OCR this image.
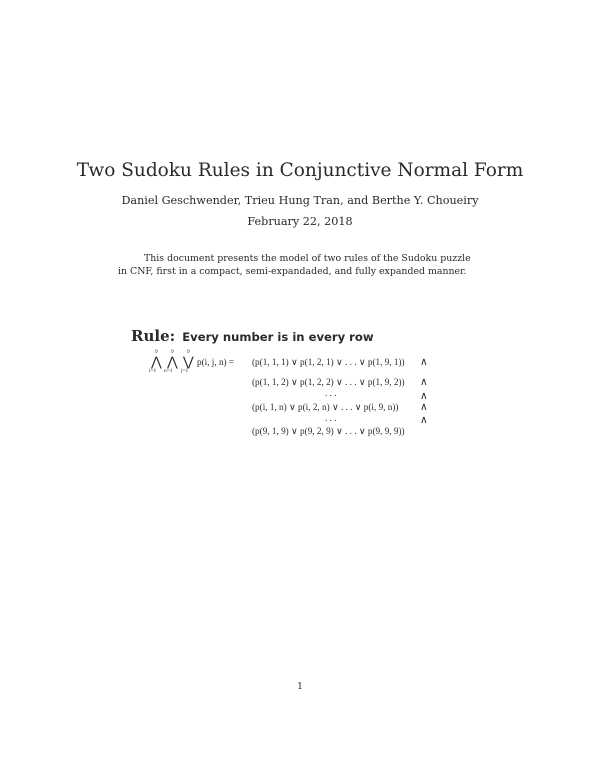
Two Sudoku Rules in Conjunctive Normal Form
Daniel Geschwender, Trieu Hung Tran, and Berthe Y. Choueiry
February 22, 2018
This document presents the model of two rules of the Sudoku puzzle in CNF, first in a compact, semi-expandaded, and fully expanded manner.
Rule: Every number is in every row
9 9 9
⋀ ⋀ ⋁
i=1 n=1 j=1
p(i, j, n) = (p(1, 1, 1) ∨ p(1, 2, 1) ∨ . . . ∨ p(1, 9, 1)) ∧
(p(1, 1, 2) ∨ p(1, 2, 2) ∨ . . . ∨ p(1, 9, 2)) ∧
. . .	∧
(p(i, 1, n) ∨ p(i, 2, n) ∨ . . . ∨ p(i, 9, n)) ∧
. . .	∧
(p(9, 1, 9) ∨ p(9, 2, 9) ∨ . . . ∨ p(9, 9, 9))
1
